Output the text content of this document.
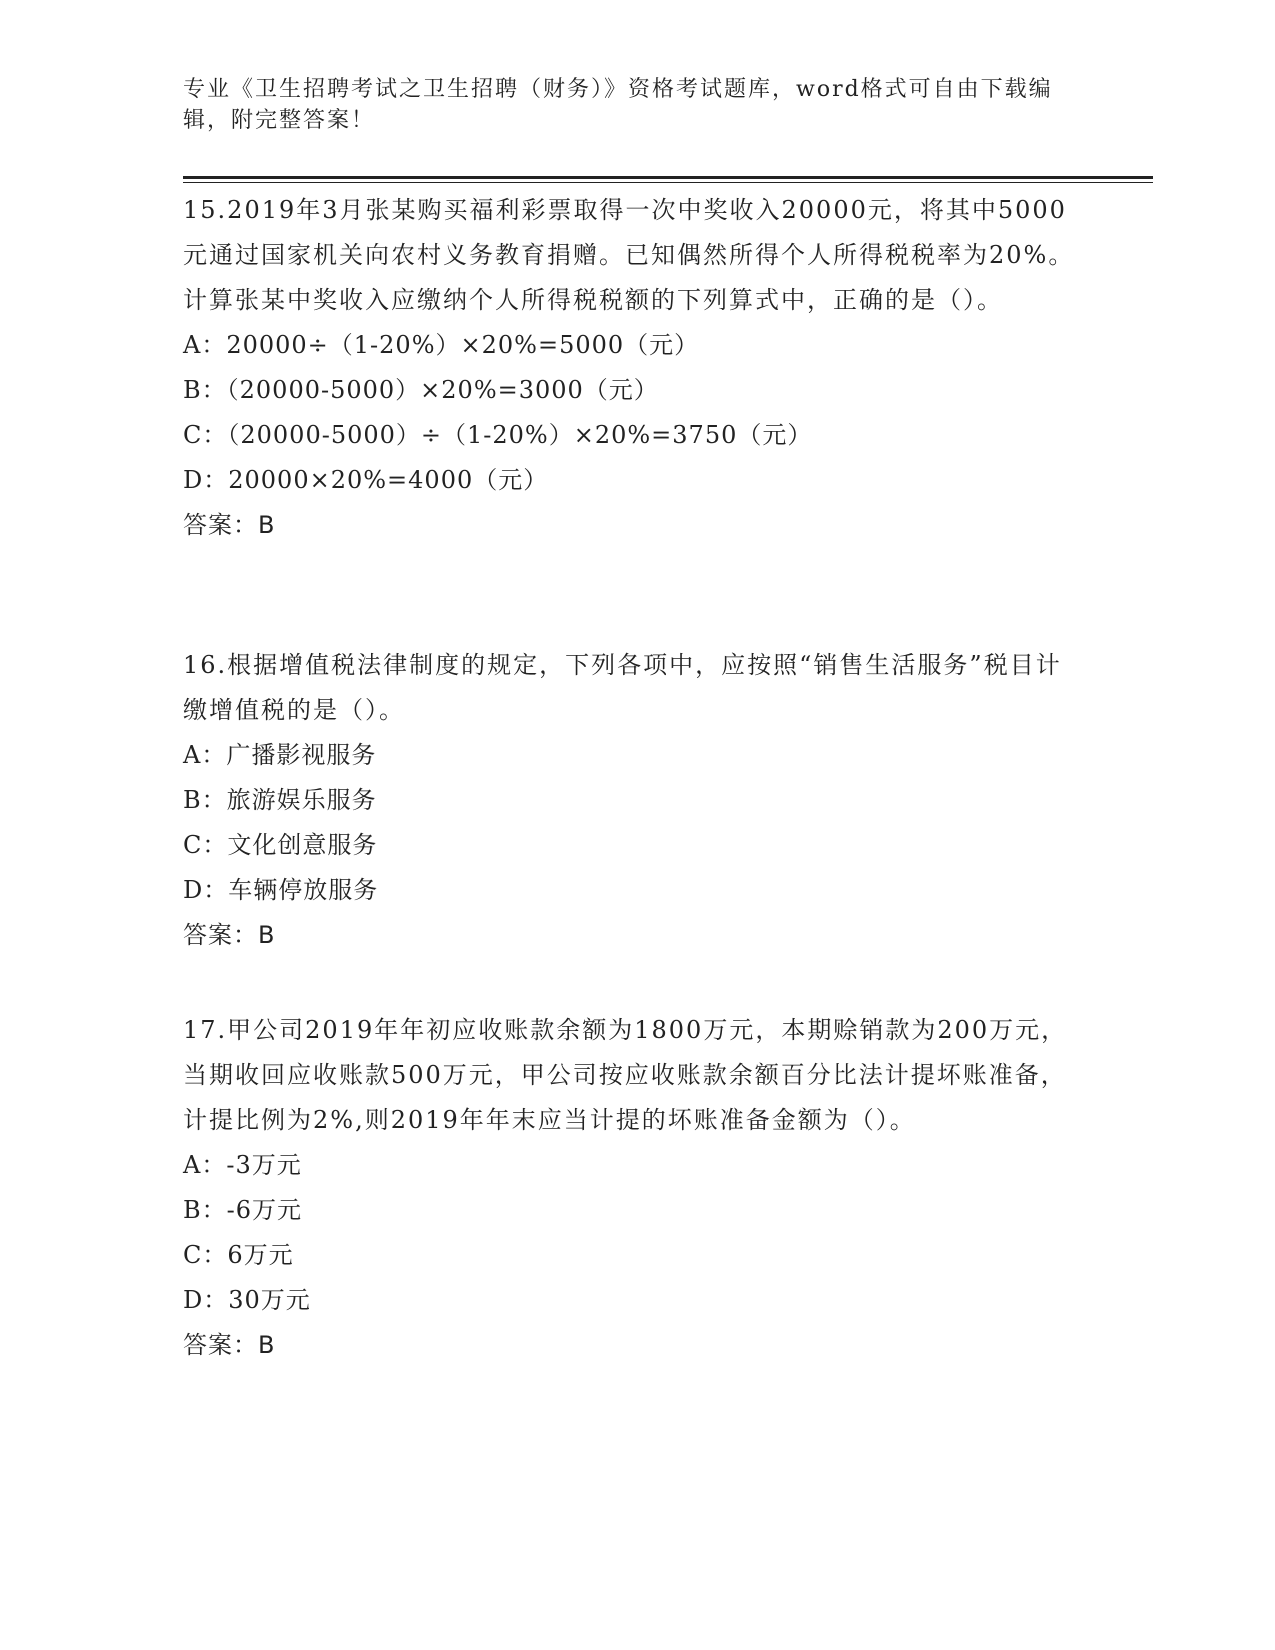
专业《卫生招聘考试之卫生招聘（财务）》资格考试题库，word格式可自由下载编辑，附完整答案！

15.2019年3月张某购买福利彩票取得一次中奖收入20000元，将其中5000元通过国家机关向农村义务教育捐赠。已知偶然所得个人所得税税率为20%。计算张某中奖收入应缴纳个人所得税税额的下列算式中，正确的是（）。

A：20000÷（1-20%）×20%=5000（元）

B：（20000-5000）×20%=3000（元）

C：（20000-5000）÷（1-20%）×20%=3750（元）

D：20000×20%=4000（元）

答案：B

16.根据增值税法律制度的规定，下列各项中，应按照“销售生活服务”税目计缴增值税的是（）。

A：广播影视服务

B：旅游娱乐服务

C：文化创意服务

D：车辆停放服务

答案：B

17.甲公司2019年年初应收账款余额为1800万元，本期赊销款为200万元，当期收回应收账款500万元，甲公司按应收账款余额百分比法计提坏账准备，计提比例为2%,则2019年年末应当计提的坏账准备金额为（）。

A：-3万元

B：-6万元

C：6万元

D：30万元

答案：B
